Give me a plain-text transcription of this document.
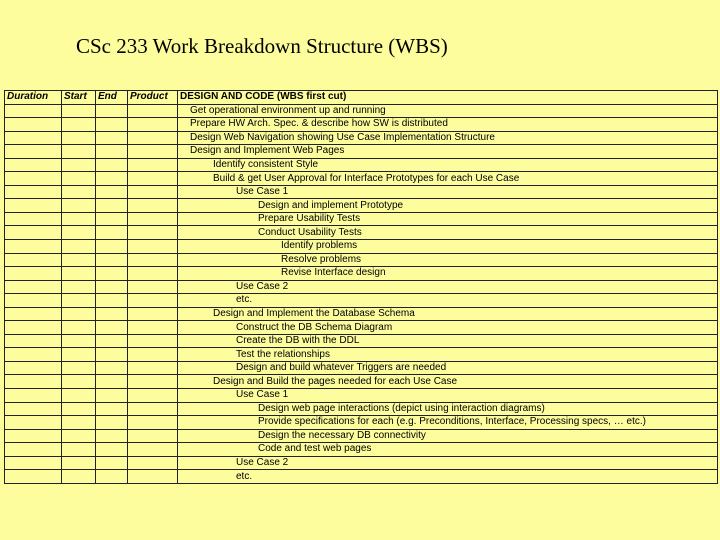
CSc 233 Work Breakdown Structure (WBS)
Duration	Start	End	Product	DESIGN AND CODE (WBS first cut)
				Get operational environment up and running
				Prepare HW Arch. Spec. & describe how SW is distributed
				Design Web Navigation showing Use Case Implementation Structure
				Design and Implement Web Pages
				Identify consistent Style
				Build & get User Approval for Interface Prototypes for each Use Case
				Use Case 1
				Design and implement Prototype
				Prepare Usability Tests
				Conduct Usability Tests
				Identify problems
				Resolve problems
				Revise Interface design
				Use Case 2
				etc.
				Design and Implement the Database Schema
				Construct the DB Schema Diagram
				Create the DB with the DDL
				Test the relationships
				Design and build whatever Triggers are needed
				Design and Build the pages needed for each Use Case
				Use Case 1
				Design web page interactions (depict using interaction diagrams)
				Provide specifications for each (e.g. Preconditions, Interface, Processing specs, … etc.)
				Design the necessary DB connectivity
				Code and test web pages
				Use Case 2
				etc.
